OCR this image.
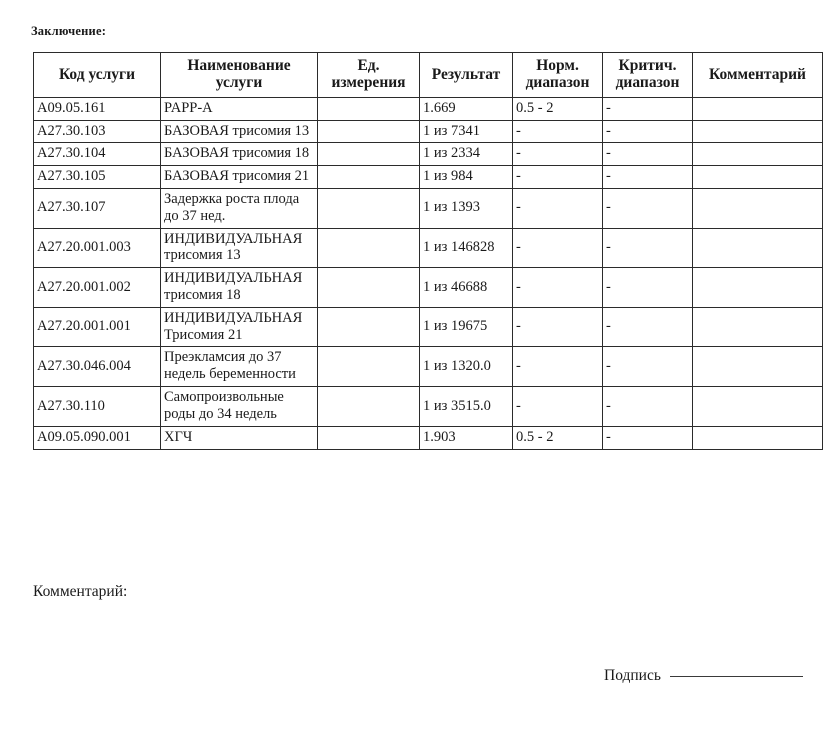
Заключение:
Код услуги	Наименование услуги	Ед. измерения	Результат	Норм. диапазон	Критич. диапазон	Комментарий
A09.05.161	PAPP-A		1.669	0.5 - 2	-	
A27.30.103	БАЗОВАЯ трисомия 13		1 из 7341	-	-	
A27.30.104	БАЗОВАЯ трисомия 18		1 из 2334	-	-	
A27.30.105	БАЗОВАЯ трисомия 21		1 из 984	-	-	
A27.30.107	Задержка роста плода до 37 нед.		1 из 1393	-	-	
A27.20.001.003	ИНДИВИДУАЛЬНАЯ трисомия 13		1 из 146828	-	-	
A27.20.001.002	ИНДИВИДУАЛЬНАЯ трисомия 18		1 из 46688	-	-	
A27.20.001.001	ИНДИВИДУАЛЬНАЯ Трисомия 21		1 из 19675	-	-	
A27.30.046.004	Преэкламсия до 37 недель беременности		1 из 1320.0	-	-	
A27.30.110	Самопроизвольные роды до 34 недель		1 из 3515.0	-	-	
A09.05.090.001	ХГЧ		1.903	0.5 - 2	-	
Комментарий:
Подпись
